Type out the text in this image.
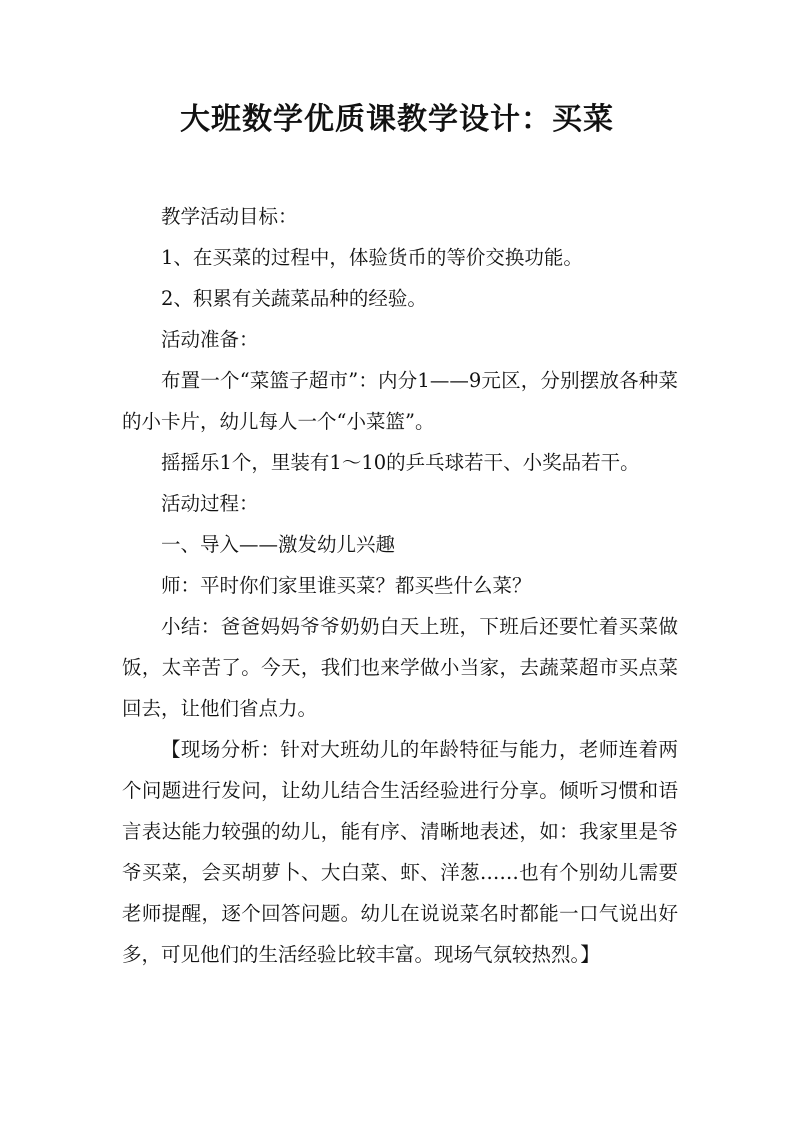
大班数学优质课教学设计：买菜

教学活动目标：

1、在买菜的过程中，体验货币的等价交换功能。

2、积累有关蔬菜品种的经验。

活动准备：

布置一个“菜篮子超市”：内分1——9元区，分别摆放各种菜的小卡片，幼儿每人一个“小菜篮”。

摇摇乐1个，里装有1～10的乒乓球若干、小奖品若干。

活动过程：

一、导入——激发幼儿兴趣

师：平时你们家里谁买菜？都买些什么菜？

小结：爸爸妈妈爷爷奶奶白天上班，下班后还要忙着买菜做饭，太辛苦了。今天，我们也来学做小当家，去蔬菜超市买点菜回去，让他们省点力。

【现场分析：针对大班幼儿的年龄特征与能力，老师连着两个问题进行发问，让幼儿结合生活经验进行分享。倾听习惯和语言表达能力较强的幼儿，能有序、清晰地表述，如：我家里是爷爷买菜，会买胡萝卜、大白菜、虾、洋葱……也有个别幼儿需要老师提醒，逐个回答问题。幼儿在说说菜名时都能一口气说出好多，可见他们的生活经验比较丰富。现场气氛较热烈。】
